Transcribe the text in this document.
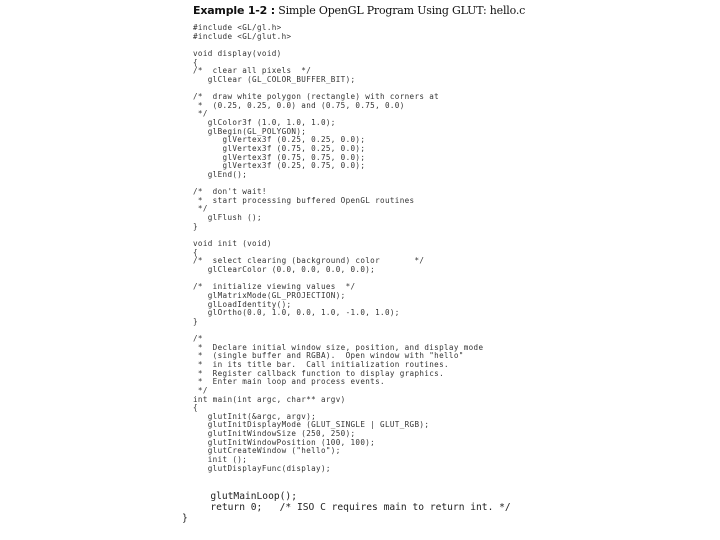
Example 1-2 : Simple OpenGL Program Using GLUT: hello.c
#include <GL/gl.h>
#include <GL/glut.h>
void display(void)
{
/*  clear all pixels  */
glClear (GL_COLOR_BUFFER_BIT);
/*  draw white polygon (rectangle) with corners at
*  (0.25, 0.25, 0.0) and (0.75, 0.75, 0.0)
*/
glColor3f (1.0, 1.0, 1.0);
glBegin(GL_POLYGON);
glVertex3f (0.25, 0.25, 0.0);
glVertex3f (0.75, 0.25, 0.0);
glVertex3f (0.75, 0.75, 0.0);
glVertex3f (0.25, 0.75, 0.0);
glEnd();
/*  don't wait!
*  start processing buffered OpenGL routines
*/
glFlush ();
}
void init (void)
{
/*  select clearing (background) color       */
glClearColor (0.0, 0.0, 0.0, 0.0);
/*  initialize viewing values  */
glMatrixMode(GL_PROJECTION);
glLoadIdentity();
glOrtho(0.0, 1.0, 0.0, 1.0, -1.0, 1.0);
}
/*
*  Declare initial window size, position, and display mode
*  (single buffer and RGBA).  Open window with "hello"
*  in its title bar.  Call initialization routines.
*  Register callback function to display graphics.
*  Enter main loop and process events.
*/
int main(int argc, char** argv)
{
glutInit(&argc, argv);
glutInitDisplayMode (GLUT_SINGLE | GLUT_RGB);
glutInitWindowSize (250, 250);
glutInitWindowPosition (100, 100);
glutCreateWindow ("hello");
init ();
glutDisplayFunc(display);
glutMainLoop();
return 0;   /* ISO C requires main to return int. */
}
